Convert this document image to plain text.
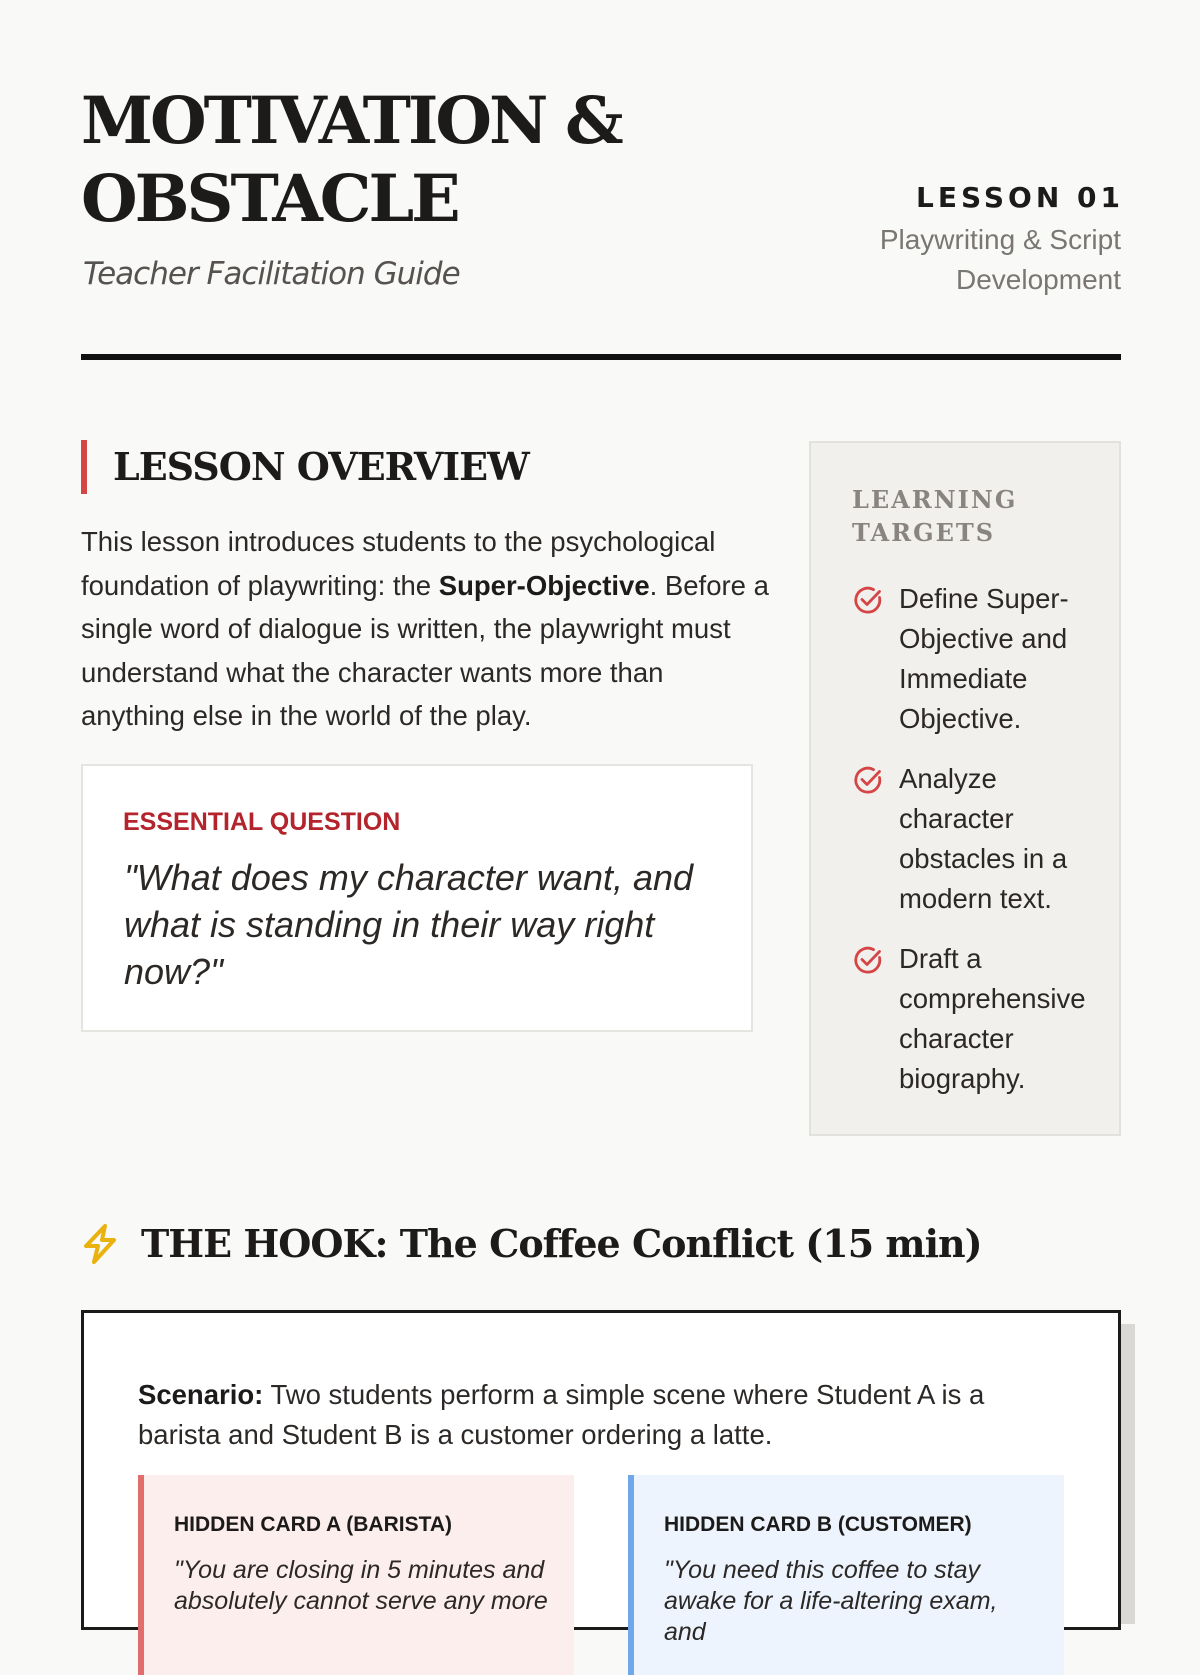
MOTIVATION &
OBSTACLE
Teacher Facilitation Guide
LESSON 01
Playwriting & Script
Development
LESSON OVERVIEW

This lesson introduces students to the psychological foundation of playwriting: the Super-Objective. Before a single word of dialogue is written, the playwright must understand what the character wants more than anything else in the world of the play.

ESSENTIAL QUESTION

"What does my character want, and what is standing in their way right now?"

LEARNING TARGETS
Define Super-Objective and Immediate Objective.
Analyze character obstacles in a modern text.
Draft a comprehensive character biography.
THE HOOK: The Coffee Conflict (15 min)

Scenario: Two students perform a simple scene where Student A is a barista and Student B is a customer ordering a latte.

HIDDEN CARD A (BARISTA)

"You are closing in 5 minutes and absolutely cannot serve any more

HIDDEN CARD B (CUSTOMER)

"You need this coffee to stay awake for a life-altering exam, and
